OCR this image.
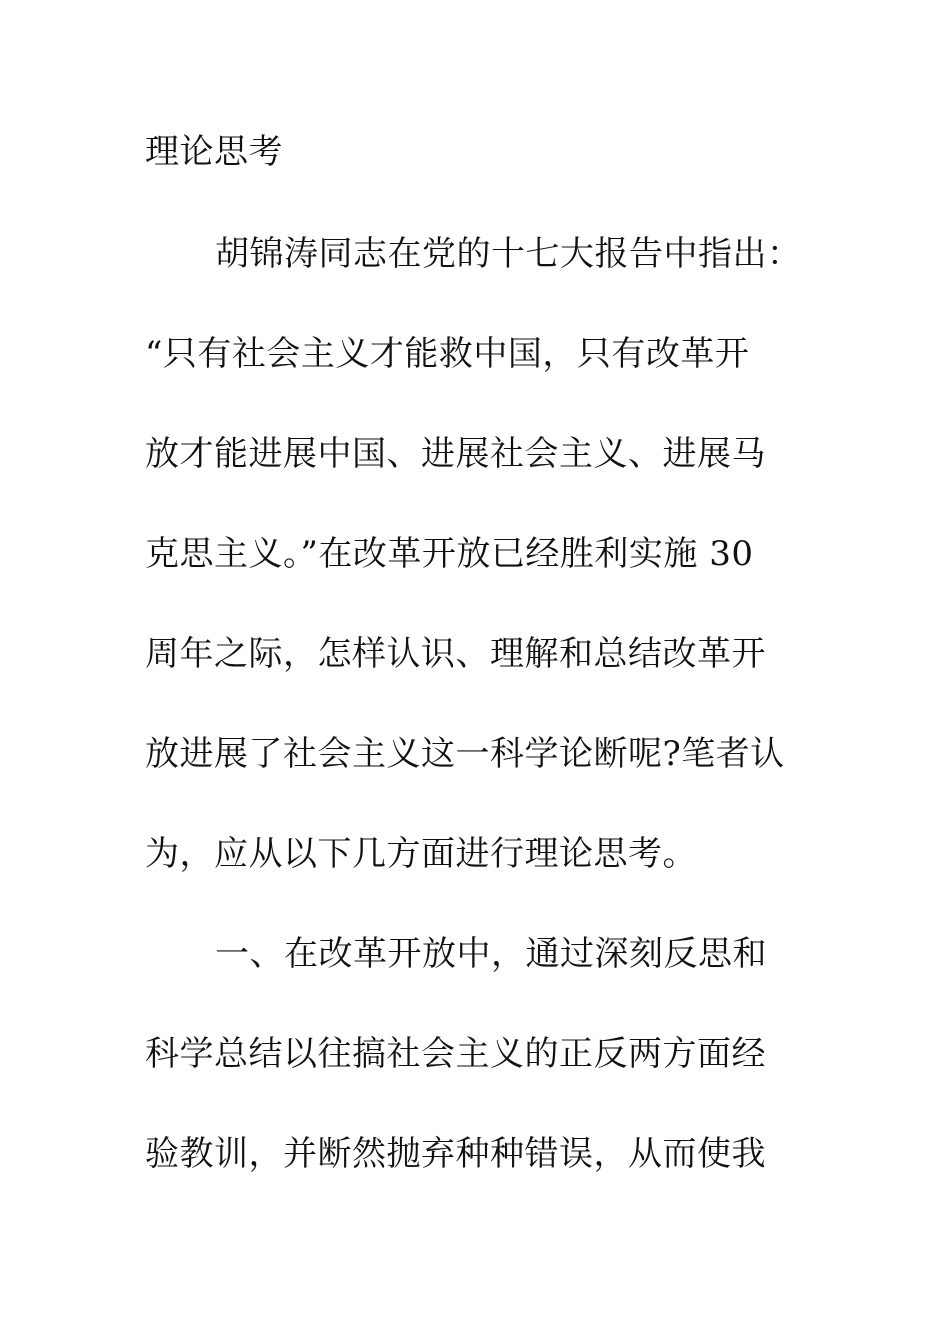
理论思考
胡锦涛同志在党的十七大报告中指出：
“只有社会主义才能救中国，只有改革开
放才能进展中国、进展社会主义、进展马
克思主义。”在改革开放已经胜利实施 30
周年之际，怎样认识、理解和总结改革开
放进展了社会主义这一科学论断呢?笔者认
为，应从以下几方面进行理论思考。
一、在改革开放中，通过深刻反思和
科学总结以往搞社会主义的正反两方面经
验教训，并断然抛弃种种错误，从而使我
